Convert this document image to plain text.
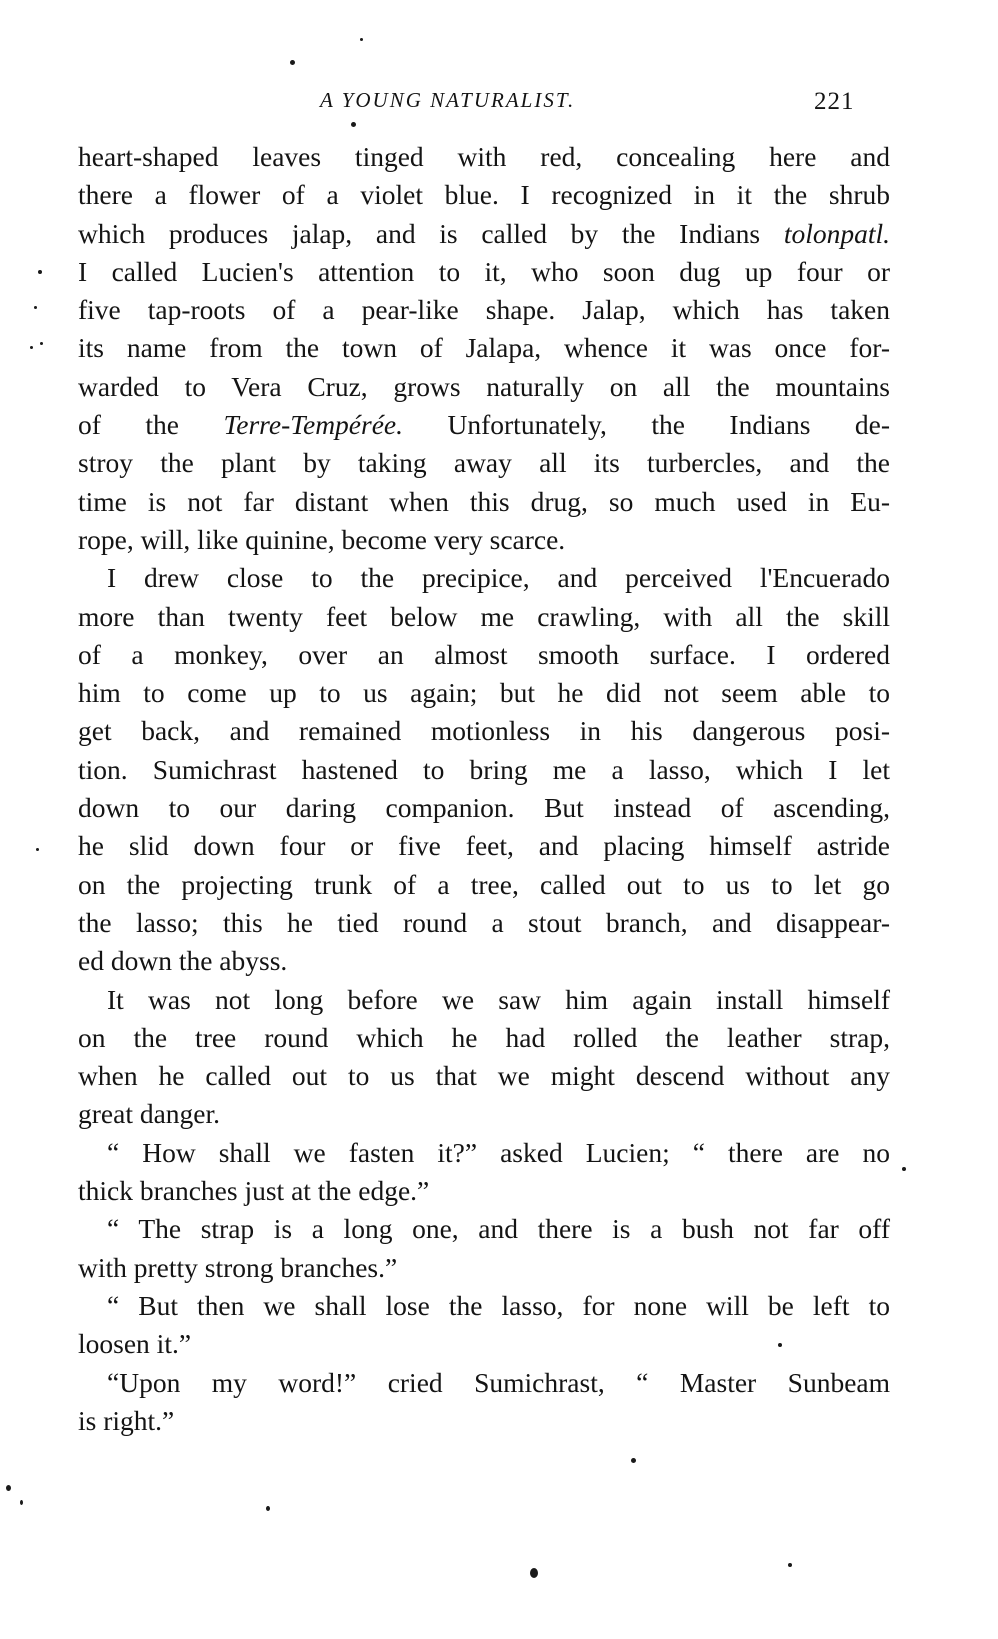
A YOUNG NATURALIST.	221

heart-shaped leaves tinged with red, concealing here and
there a flower of a violet blue. I recognized in it the shrub
which produces jalap, and is called by the Indians tolonpatl.
I called Lucien's attention to it, who soon dug up four or
five tap-roots of a pear-like shape. Jalap, which has taken
its name from the town of Jalapa, whence it was once for-
warded to Vera Cruz, grows naturally on all the mountains
of the Terre-Tempérée. Unfortunately, the Indians de-
stroy the plant by taking away all its turbercles, and the
time is not far distant when this drug, so much used in Eu-
rope, will, like quinine, become very scarce.

I drew close to the precipice, and perceived l'Encuerado
more than twenty feet below me crawling, with all the skill
of a monkey, over an almost smooth surface. I ordered
him to come up to us again; but he did not seem able to
get back, and remained motionless in his dangerous posi-
tion. Sumichrast hastened to bring me a lasso, which I let
down to our daring companion. But instead of ascending,
he slid down four or five feet, and placing himself astride
on the projecting trunk of a tree, called out to us to let go
the lasso; this he tied round a stout branch, and disappear-
ed down the abyss.

It was not long before we saw him again install himself
on the tree round which he had rolled the leather strap,
when he called out to us that we might descend without any
great danger.

“ How shall we fasten it?” asked Lucien; “ there are no
thick branches just at the edge.”

“ The strap is a long one, and there is a bush not far off
with pretty strong branches.”

“ But then we shall lose the lasso, for none will be left to
loosen it.”

“Upon my word!” cried Sumichrast, “ Master Sunbeam
is right.”
